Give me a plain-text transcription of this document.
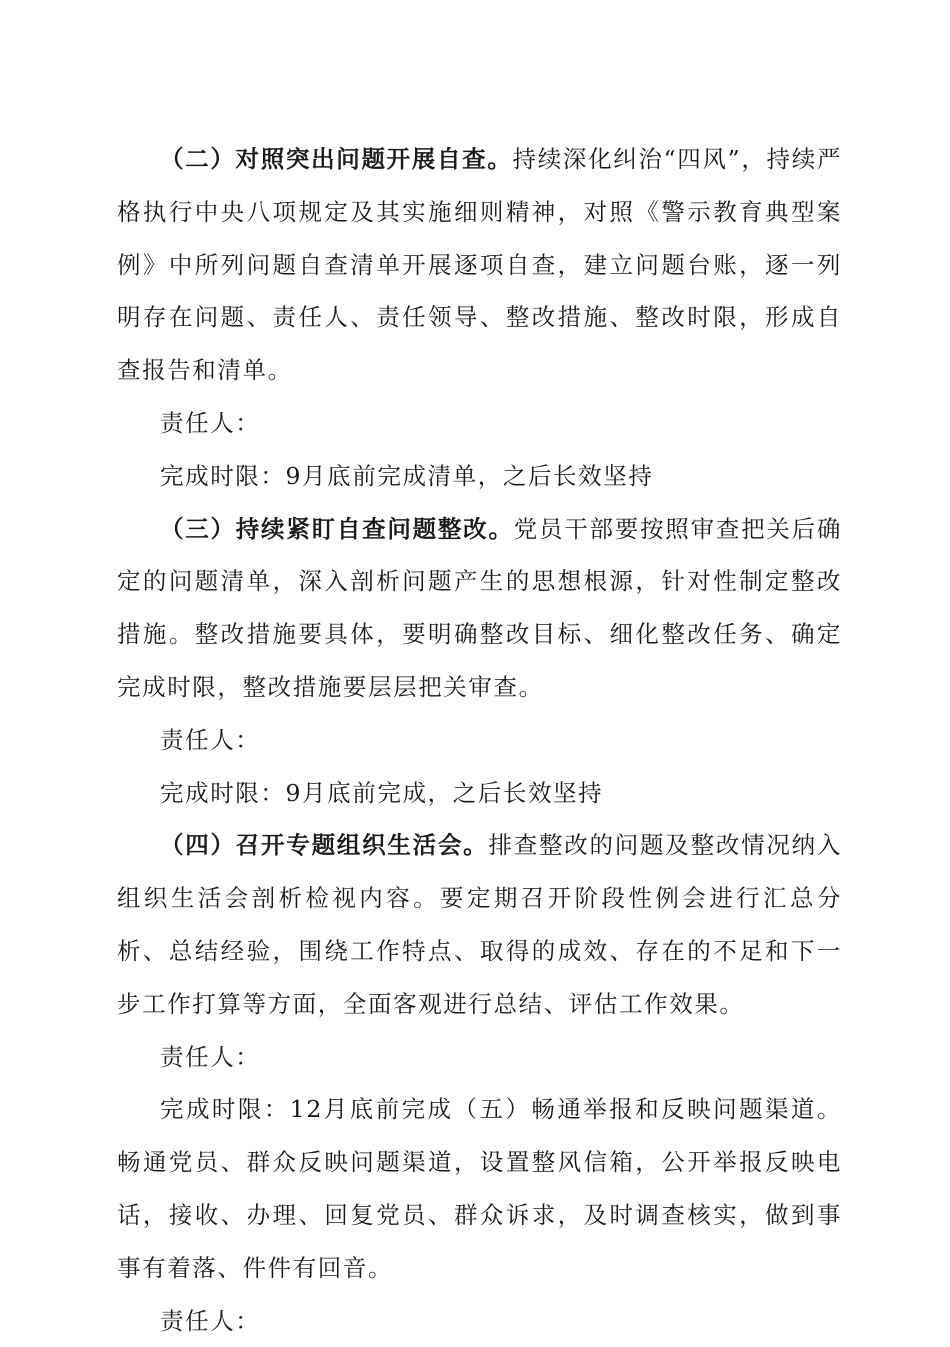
（二）对照突出问题开展自查。持续深化纠治“四风”，持续严格执行中央八项规定及其实施细则精神，对照《警示教育典型案例》中所列问题自查清单开展逐项自查，建立问题台账，逐一列明存在问题、责任人、责任领导、整改措施、整改时限，形成自查报告和清单。

责任人：

完成时限：9月底前完成清单，之后长效坚持

（三）持续紧盯自查问题整改。党员干部要按照审查把关后确定的问题清单，深入剖析问题产生的思想根源，针对性制定整改措施。整改措施要具体，要明确整改目标、细化整改任务、确定完成时限，整改措施要层层把关审查。

责任人：

完成时限：9月底前完成，之后长效坚持

（四）召开专题组织生活会。排查整改的问题及整改情况纳入组织生活会剖析检视内容。要定期召开阶段性例会进行汇总分析、总结经验，围绕工作特点、取得的成效、存在的不足和下一步工作打算等方面，全面客观进行总结、评估工作效果。

责任人：

完成时限：12月底前完成（五）畅通举报和反映问题渠道。畅通党员、群众反映问题渠道，设置整风信箱，公开举报反映电话，接收、办理、回复党员、群众诉求，及时调查核实，做到事事有着落、件件有回音。

责任人：
